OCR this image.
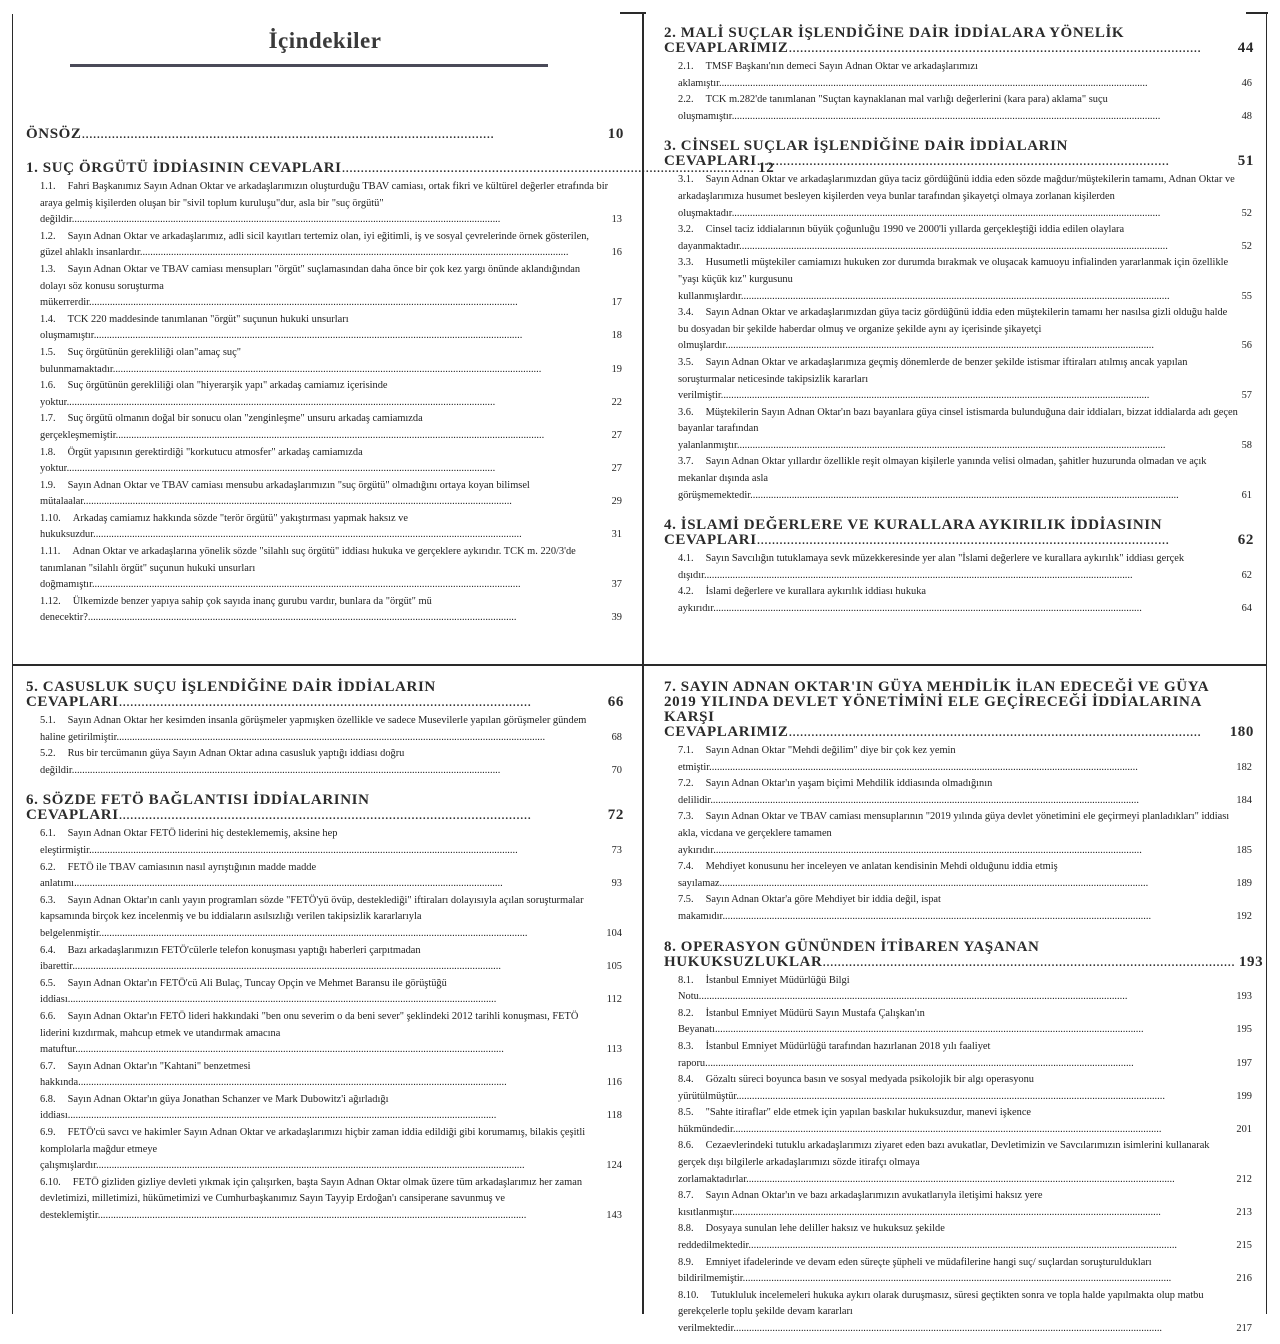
İçindekiler
ÖNSÖZ .....	10
1. SUÇ ÖRGÜTÜ İDDİASININ CEVAPLARI .....	12
1.1. Fahri Başkanımız Sayın Adnan Oktar ve arkadaşlarımızın oluşturduğu TBAV camiası, ortak fikri ve kültürel değerler etrafında bir araya gelmiş kişilerden oluşan bir "sivil toplum kuruluşu"dur, asla bir "suç örgütü" değildir .....	13
1.2. Sayın Adnan Oktar ve arkadaşlarımız, adli sicil kayıtları tertemiz olan, iyi eğitimli, iş ve sosyal çevrelerinde örnek gösterilen, güzel ahlaklı insanlardır .....	16
1.3. Sayın Adnan Oktar ve TBAV camiası mensupları "örgüt" suçlamasından daha önce bir çok kez yargı önünde aklandığından dolayı söz konusu soruşturma mükerrerdir .....	17
1.4. TCK 220 maddesinde tanımlanan "örgüt" suçunun hukuki unsurları oluşmamıştır .....	18
1.5. Suç örgütünün gerekliliği olan"amaç suç" bulunmamaktadır .....	19
1.6. Suç örgütünün gerekliliği olan "hiyerarşik yapı" arkadaş camiamız içerisinde yoktur .....	22
1.7. Suç örgütü olmanın doğal bir sonucu olan "zenginleşme" unsuru arkadaş camiamızda gerçekleşmemiştir .....	27
1.8. Örgüt yapısının gerektirdiği "korkutucu atmosfer" arkadaş camiamızda yoktur .....	27
1.9. Sayın Adnan Oktar ve TBAV camiası mensubu arkadaşlarımızın "suç örgütü" olmadığını ortaya koyan bilimsel mütalaalar .....	29
1.10. Arkadaş camiamız hakkında sözde "terör örgütü" yakıştırması yapmak haksız ve hukuksuzdur .....	31
1.11. Adnan Oktar ve arkadaşlarına yönelik sözde "silahlı suç örgütü" iddiası hukuka ve gerçeklere aykırıdır. TCK m. 220/3'de tanımlanan "silahlı örgüt" suçunun hukuki unsurları doğmamıştır .....	37
1.12. Ülkemizde benzer yapıya sahip çok sayıda inanç gurubu vardır, bunlara da "örgüt" mü denecektir? .....	39
2. MALİ SUÇLAR İŞLENDİĞİNE DAİR İDDİALARA YÖNELİK CEVAPLARIMIZ .....	44
2.1. TMSF Başkanı'nın demeci Sayın Adnan Oktar ve arkadaşlarımızı aklamıştır .....	46
2.2. TCK m.282'de tanımlanan "Suçtan kaynaklanan mal varlığı değerlerini (kara para) aklama" suçu oluşmamıştır .....	48
3. CİNSEL SUÇLAR İŞLENDİĞİNE DAİR İDDİALARIN CEVAPLARI .....	51
3.1. Sayın Adnan Oktar ve arkadaşlarımızdan güya taciz gördüğünü iddia eden sözde mağdur/müştekilerin tamamı, Adnan Oktar ve arkadaşlarımıza husumet besleyen kişilerden veya bunlar tarafından şikayetçi olmaya zorlanan kişilerden oluşmaktadır .....	52
3.2. Cinsel taciz iddialarının büyük çoğunluğu 1990 ve 2000'li yıllarda gerçekleştiği iddia edilen olaylara dayanmaktadır .....	52
3.3. Husumetli müştekiler camiamızı hukuken zor durumda bırakmak ve oluşacak kamuoyu infialinden yararlanmak için özellikle "yaşı küçük kız" kurgusunu kullanmışlardır .....	55
3.4. Sayın Adnan Oktar ve arkadaşlarımızdan güya taciz gördüğünü iddia eden müştekilerin tamamı her nasılsa gizli olduğu halde bu dosyadan bir şekilde haberdar olmuş ve organize şekilde aynı ay içerisinde şikayetçi olmuşlardır .....	56
3.5. Sayın Adnan Oktar ve arkadaşlarımıza geçmiş dönemlerde de benzer şekilde istismar iftiraları atılmış ancak yapılan soruşturmalar neticesinde takipsizlik kararları verilmiştir .....	57
3.6. Müştekilerin Sayın Adnan Oktar'ın bazı bayanlara güya cinsel istismarda bulunduğuna dair iddiaları, bizzat iddialarda adı geçen bayanlar tarafından yalanlanmıştır .....	58
3.7. Sayın Adnan Oktar yıllardır özellikle reşit olmayan kişilerle yanında velisi olmadan, şahitler huzurunda olmadan ve açık mekanlar dışında asla görüşmemektedir .....	61
4. İSLAMİ DEĞERLERE VE KURALLARA AYKIRILIK İDDİASININ CEVAPLARI .....	62
4.1. Sayın Savcılığın tutuklamaya sevk müzekkeresinde yer alan "İslami değerlere ve kurallara aykırılık" iddiası gerçek dışıdır .....	62
4.2. İslami değerlere ve kurallara aykırılık iddiası hukuka aykırıdır .....	64
5. CASUSLUK SUÇU İŞLENDİĞİNE DAİR İDDİALARIN CEVAPLARI .....	66
5.1. Sayın Adnan Oktar her kesimden insanla görüşmeler yapmışken özellikle ve sadece Musevilerle yapılan görüşmeler gündem haline getirilmiştir .....	68
5.2. Rus bir tercümanın güya Sayın Adnan Oktar adına casusluk yaptığı iddiası doğru değildir .....	70
6. SÖZDE FETÖ BAĞLANTISI İDDİALARININ CEVAPLARI .....	72
6.1. Sayın Adnan Oktar FETÖ liderini hiç desteklememiş, aksine hep eleştirmiştir .....	73
6.2. FETÖ ile TBAV camiasının nasıl ayrıştığının madde madde anlatımı .....	93
6.3. Sayın Adnan Oktar'ın canlı yayın programları sözde "FETÖ'yü övüp, desteklediği" iftiraları dolayısıyla açılan soruşturmalar kapsamında birçok kez incelenmiş ve bu iddiaların asılsızlığı verilen takipsizlik kararlarıyla belgelenmiştir .....	104
6.4. Bazı arkadaşlarımızın FETÖ'cülerle telefon konuşması yaptığı haberleri çarpıtmadan ibarettir .....	105
6.5. Sayın Adnan Oktar'ın FETÖ'cü Ali Bulaç, Tuncay Opçin ve Mehmet Baransu ile görüştüğü iddiası .....	112
6.6. Sayın Adnan Oktar'ın FETÖ lideri hakkındaki "ben onu severim o da beni sever" şeklindeki 2012 tarihli konuşması, FETÖ liderini kızdırmak, mahcup etmek ve utandırmak amacına matuftur .....	113
6.7. Sayın Adnan Oktar'ın "Kahtani" benzetmesi hakkında .....	116
6.8. Sayın Adnan Oktar'ın güya Jonathan Schanzer ve Mark Dubowitz'i ağırladığı iddiası .....	118
6.9. FETÖ'cü savcı ve hakimler Sayın Adnan Oktar ve arkadaşlarımızı hiçbir zaman iddia edildiği gibi korumamış, bilakis çeşitli komplolarla mağdur etmeye çalışmışlardır .....	124
6.10. FETÖ gizliden gizliye devleti yıkmak için çalışırken, başta Sayın Adnan Oktar olmak üzere tüm arkadaşlarımız her zaman devletimizi, milletimizi, hükümetimizi ve Cumhurbaşkanımız Sayın Tayyip Erdoğan'ı cansiperane savunmuş ve desteklemiştir .....	143
7. SAYIN ADNAN OKTAR'IN GÜYA MEHDİLİK İLAN EDECEĞİ VE GÜYA 2019 YILINDA DEVLET YÖNETİMİNİ ELE GEÇİRECEĞİ İDDİALARINA KARŞI CEVAPLARIMIZ .....	180
7.1. Sayın Adnan Oktar "Mehdi değilim" diye bir çok kez yemin etmiştir .....	182
7.2. Sayın Adnan Oktar'ın yaşam biçimi Mehdilik iddiasında olmadığının delilidir .....	184
7.3. Sayın Adnan Oktar ve TBAV camiası mensuplarının "2019 yılında güya devlet yönetimini ele geçirmeyi planladıkları" iddiası akla, vicdana ve gerçeklere tamamen aykırıdır .....	185
7.4. Mehdiyet konusunu her inceleyen ve anlatan kendisinin Mehdi olduğunu iddia etmiş sayılamaz .....	189
7.5. Sayın Adnan Oktar'a göre Mehdiyet bir iddia değil, ispat makamıdır .....	192
8. OPERASYON GÜNÜNDEN İTİBAREN YAŞANAN HUKUKSUZLUKLAR .....	193
8.1. İstanbul Emniyet Müdürlüğü Bilgi Notu .....	193
8.2. İstanbul Emniyet Müdürü Sayın Mustafa Çalışkan'ın Beyanatı .....	195
8.3. İstanbul Emniyet Müdürlüğü tarafından hazırlanan 2018 yılı faaliyet raporu .....	197
8.4. Gözaltı süreci boyunca basın ve sosyal medyada psikolojik bir algı operasyonu yürütülmüştür .....	199
8.5. "Sahte itiraflar" elde etmek için yapılan baskılar hukuksuzdur, manevi işkence hükmündedir .....	201
8.6. Cezaevlerindeki tutuklu arkadaşlarımızı ziyaret eden bazı avukatlar, Devletimizin ve Savcılarımızın isimlerini kullanarak gerçek dışı bilgilerle arkadaşlarımızı sözde itirafçı olmaya zorlamaktadırlar .....	212
8.7. Sayın Adnan Oktar'ın ve bazı arkadaşlarımızın avukatlarıyla iletişimi haksız yere kısıtlanmıştır .....	213
8.8. Dosyaya sunulan lehe deliller haksız ve hukuksuz şekilde reddedilmektedir .....	215
8.9. Emniyet ifadelerinde ve devam eden süreçte şüpheli ve müdafilerine hangi suç/ suçlardan soruşturuldukları bildirilmemiştir .....	216
8.10. Tutukluluk incelemeleri hukuka aykırı olarak duruşmasız, süresi geçtikten sonra ve topla halde yapılmakta olup matbu gerekçelerle toplu şekilde devam kararları verilmektedir .....	217
